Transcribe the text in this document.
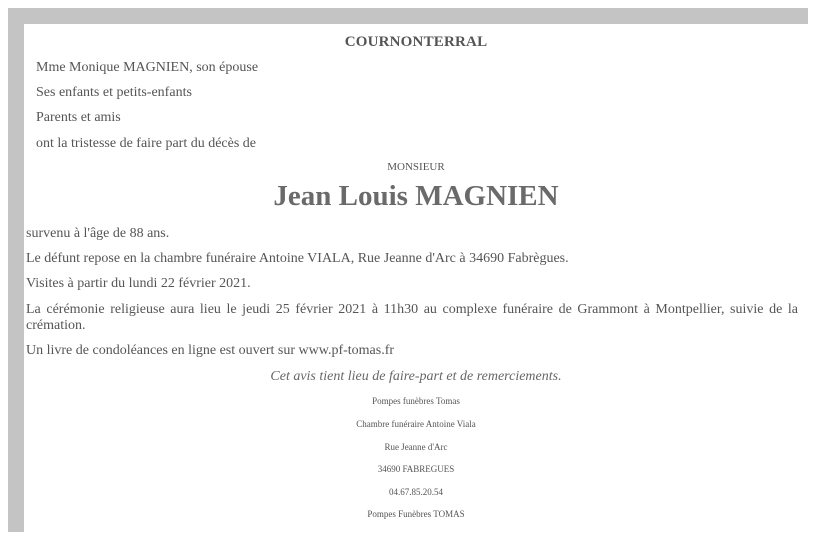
COURNONTERRAL
Mme Monique MAGNIEN, son épouse
Ses enfants et petits-enfants
Parents et amis
ont la tristesse de faire part du décès de
MONSIEUR
Jean Louis MAGNIEN
survenu à l'âge de 88 ans.
Le défunt repose en la chambre funéraire Antoine VIALA, Rue Jeanne d'Arc à 34690 Fabrègues.
Visites à partir du lundi 22 février 2021.
La cérémonie religieuse aura lieu le jeudi 25 février 2021 à 11h30 au complexe funéraire de Grammont à Montpellier, suivie de la crémation.
Un livre de condoléances en ligne est ouvert sur www.pf-tomas.fr
Cet avis tient lieu de faire-part et de remerciements.
Pompes funèbres Tomas
Chambre funéraire Antoine Viala
Rue Jeanne d'Arc
34690 FABREGUES
04.67.85.20.54
Pompes Funèbres TOMAS
